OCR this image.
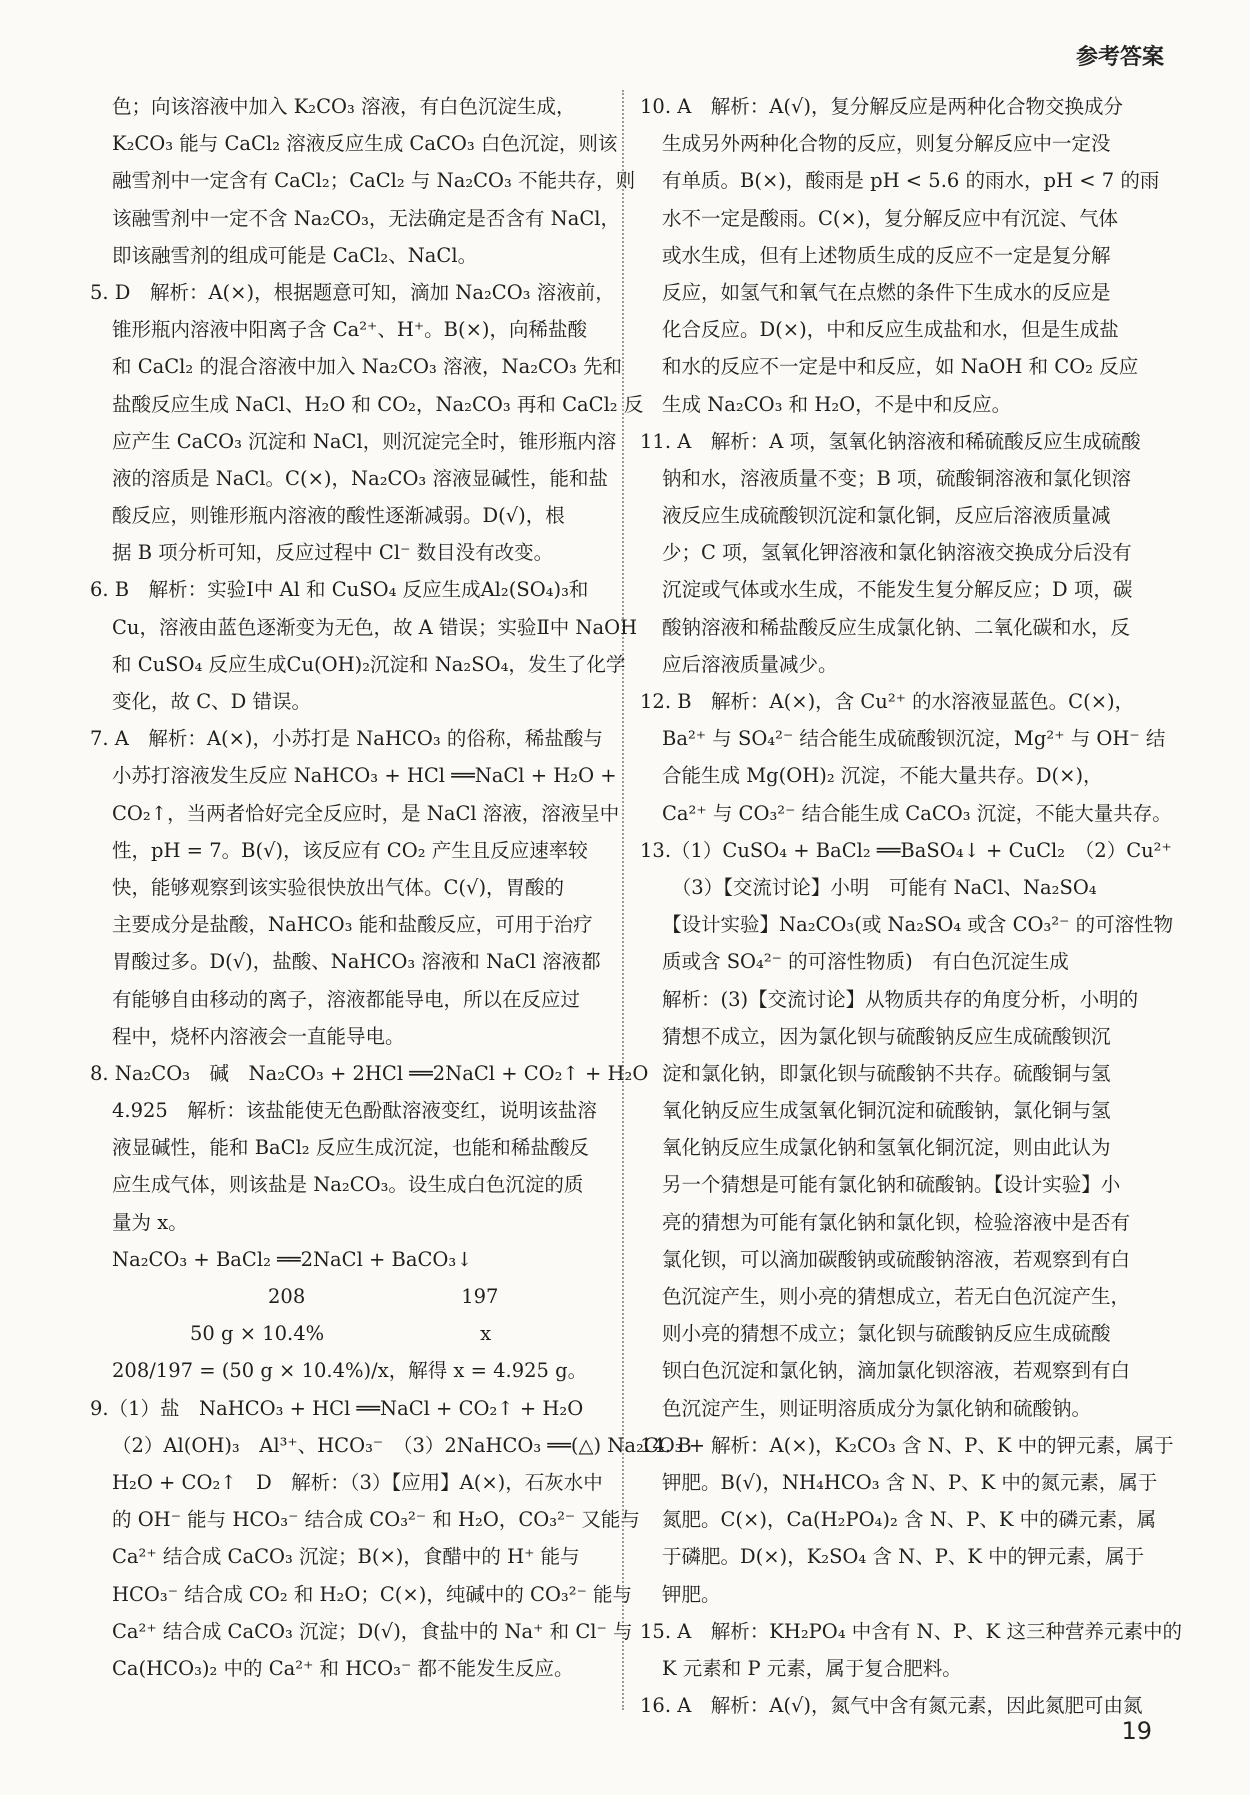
参考答案
色；向该溶液中加入 K₂CO₃ 溶液，有白色沉淀生成，
K₂CO₃ 能与 CaCl₂ 溶液反应生成 CaCO₃ 白色沉淀，则该
融雪剂中一定含有 CaCl₂；CaCl₂ 与 Na₂CO₃ 不能共存，则
该融雪剂中一定不含 Na₂CO₃，无法确定是否含有 NaCl，
即该融雪剂的组成可能是 CaCl₂、NaCl。
5. D　解析：A(×)，根据题意可知，滴加 Na₂CO₃ 溶液前，
锥形瓶内溶液中阳离子含 Ca²⁺、H⁺。B(×)，向稀盐酸
和 CaCl₂ 的混合溶液中加入 Na₂CO₃ 溶液，Na₂CO₃ 先和
盐酸反应生成 NaCl、H₂O 和 CO₂，Na₂CO₃ 再和 CaCl₂ 反
应产生 CaCO₃ 沉淀和 NaCl，则沉淀完全时，锥形瓶内溶
液的溶质是 NaCl。C(×)，Na₂CO₃ 溶液显碱性，能和盐
酸反应，则锥形瓶内溶液的酸性逐渐减弱。D(√)，根
据 B 项分析可知，反应过程中 Cl⁻ 数目没有改变。
6. B　解析：实验Ⅰ中 Al 和 CuSO₄ 反应生成Al₂(SO₄)₃和
Cu，溶液由蓝色逐渐变为无色，故 A 错误；实验Ⅱ中 NaOH
和 CuSO₄ 反应生成Cu(OH)₂沉淀和 Na₂SO₄，发生了化学
变化，故 C、D 错误。
7. A　解析：A(×)，小苏打是 NaHCO₃ 的俗称，稀盐酸与
小苏打溶液发生反应 NaHCO₃ + HCl ══NaCl + H₂O +
CO₂↑，当两者恰好完全反应时，是 NaCl 溶液，溶液呈中
性，pH = 7。B(√)，该反应有 CO₂ 产生且反应速率较
快，能够观察到该实验很快放出气体。C(√)，胃酸的
主要成分是盐酸，NaHCO₃ 能和盐酸反应，可用于治疗
胃酸过多。D(√)，盐酸、NaHCO₃ 溶液和 NaCl 溶液都
有能够自由移动的离子，溶液都能导电，所以在反应过
程中，烧杯内溶液会一直能导电。
8. Na₂CO₃　碱　Na₂CO₃ + 2HCl ══2NaCl + CO₂↑ + H₂O
4.925　解析：该盐能使无色酚酞溶液变红，说明该盐溶
液显碱性，能和 BaCl₂ 反应生成沉淀，也能和稀盐酸反
应生成气体，则该盐是 Na₂CO₃。设生成白色沉淀的质
量为 x。
Na₂CO₃ + BaCl₂ ══2NaCl + BaCO₃↓
　　　　　　　　208　　　　　　　　197
　　　　50 g × 10.4%　　　　　　　　x
208/197 = (50 g × 10.4%)/x，解得 x = 4.925 g。
9.（1）盐　NaHCO₃ + HCl ══NaCl + CO₂↑ + H₂O
（2）Al(OH)₃　Al³⁺、HCO₃⁻　（3）2NaHCO₃ ══(△) Na₂CO₃ +
H₂O + CO₂↑　D　解析：（3）【应用】A(×)，石灰水中
的 OH⁻ 能与 HCO₃⁻ 结合成 CO₃²⁻ 和 H₂O，CO₃²⁻ 又能与
Ca²⁺ 结合成 CaCO₃ 沉淀；B(×)，食醋中的 H⁺ 能与
HCO₃⁻ 结合成 CO₂ 和 H₂O；C(×)，纯碱中的 CO₃²⁻ 能与
Ca²⁺ 结合成 CaCO₃ 沉淀；D(√)，食盐中的 Na⁺ 和 Cl⁻ 与
Ca(HCO₃)₂ 中的 Ca²⁺ 和 HCO₃⁻ 都不能发生反应。
10. A　解析：A(√)，复分解反应是两种化合物交换成分
生成另外两种化合物的反应，则复分解反应中一定没
有单质。B(×)，酸雨是 pH < 5.6 的雨水，pH < 7 的雨
水不一定是酸雨。C(×)，复分解反应中有沉淀、气体
或水生成，但有上述物质生成的反应不一定是复分解
反应，如氢气和氧气在点燃的条件下生成水的反应是
化合反应。D(×)，中和反应生成盐和水，但是生成盐
和水的反应不一定是中和反应，如 NaOH 和 CO₂ 反应
生成 Na₂CO₃ 和 H₂O，不是中和反应。
11. A　解析：A 项，氢氧化钠溶液和稀硫酸反应生成硫酸
钠和水，溶液质量不变；B 项，硫酸铜溶液和氯化钡溶
液反应生成硫酸钡沉淀和氯化铜，反应后溶液质量减
少；C 项，氢氧化钾溶液和氯化钠溶液交换成分后没有
沉淀或气体或水生成，不能发生复分解反应；D 项，碳
酸钠溶液和稀盐酸反应生成氯化钠、二氧化碳和水，反
应后溶液质量减少。
12. B　解析：A(×)，含 Cu²⁺ 的水溶液显蓝色。C(×)，
Ba²⁺ 与 SO₄²⁻ 结合能生成硫酸钡沉淀，Mg²⁺ 与 OH⁻ 结
合能生成 Mg(OH)₂ 沉淀，不能大量共存。D(×)，
Ca²⁺ 与 CO₃²⁻ 结合能生成 CaCO₃ 沉淀，不能大量共存。
13.（1）CuSO₄ + BaCl₂ ══BaSO₄↓ + CuCl₂　（2）Cu²⁺
　（3）【交流讨论】小明　可能有 NaCl、Na₂SO₄
【设计实验】Na₂CO₃(或 Na₂SO₄ 或含 CO₃²⁻ 的可溶性物
质或含 SO₄²⁻ 的可溶性物质)　有白色沉淀生成
解析：(3)【交流讨论】从物质共存的角度分析，小明的
猜想不成立，因为氯化钡与硫酸钠反应生成硫酸钡沉
淀和氯化钠，即氯化钡与硫酸钠不共存。硫酸铜与氢
氧化钠反应生成氢氧化铜沉淀和硫酸钠，氯化铜与氢
氧化钠反应生成氯化钠和氢氧化铜沉淀，则由此认为
另一个猜想是可能有氯化钠和硫酸钠。【设计实验】小
亮的猜想为可能有氯化钠和氯化钡，检验溶液中是否有
氯化钡，可以滴加碳酸钠或硫酸钠溶液，若观察到有白
色沉淀产生，则小亮的猜想成立，若无白色沉淀产生，
则小亮的猜想不成立；氯化钡与硫酸钠反应生成硫酸
钡白色沉淀和氯化钠，滴加氯化钡溶液，若观察到有白
色沉淀产生，则证明溶质成分为氯化钠和硫酸钠。
14. B　解析：A(×)，K₂CO₃ 含 N、P、K 中的钾元素，属于
钾肥。B(√)，NH₄HCO₃ 含 N、P、K 中的氮元素，属于
氮肥。C(×)，Ca(H₂PO₄)₂ 含 N、P、K 中的磷元素，属
于磷肥。D(×)，K₂SO₄ 含 N、P、K 中的钾元素，属于
钾肥。
15. A　解析：KH₂PO₄ 中含有 N、P、K 这三种营养元素中的
K 元素和 P 元素，属于复合肥料。
16. A　解析：A(√)，氮气中含有氮元素，因此氮肥可由氮
19
